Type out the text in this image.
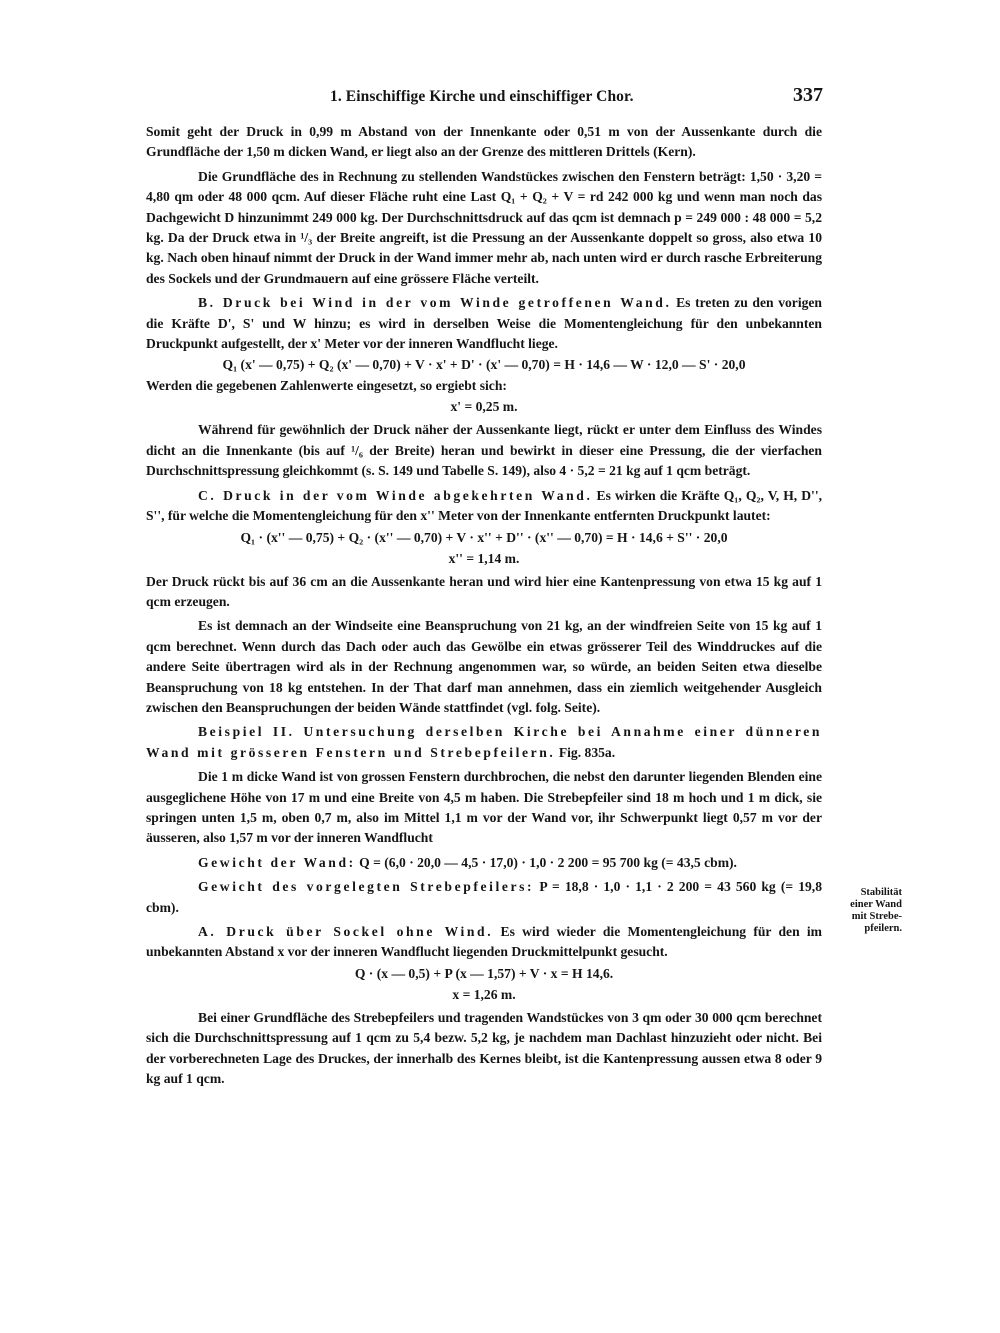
1. Einschiffige Kirche und einschiffiger Chor.	337

Somit geht der Druck in 0,99 m Abstand von der Innenkante oder 0,51 m von der Aussenkante durch die Grundfläche der 1,50 m dicken Wand, er liegt also an der Grenze des mittleren Drittels (Kern).

Die Grundfläche des in Rechnung zu stellenden Wandstückes zwischen den Fenstern beträgt: 1,50 · 3,20 = 4,80 qm oder 48 000 qcm. Auf dieser Fläche ruht eine Last Q₁ + Q₂ + V = rd 242 000 kg und wenn man noch das Dachgewicht D hinzunimmt 249 000 kg. Der Durchschnittsdruck auf das qcm ist demnach p = 249 000 : 48 000 = 5,2 kg. Da der Druck etwa in ¹/₃ der Breite angreift, ist die Pressung an der Aussenkante doppelt so gross, also etwa 10 kg. Nach oben hinauf nimmt der Druck in der Wand immer mehr ab, nach unten wird er durch rasche Erbreiterung des Sockels und der Grundmauern auf eine grössere Fläche verteilt.

B. Druck bei Wind in der vom Winde getroffenen Wand. Es treten zu den vorigen die Kräfte D', S' und W hinzu; es wird in derselben Weise die Momentengleichung für den unbekannten Druckpunkt aufgestellt, der x' Meter vor der inneren Wandflucht liege.

Q₁ (x' — 0,75) + Q₂ (x' — 0,70) + V · x' + D' · (x' — 0,70) = H · 14,6 — W · 12,0 — S' · 20,0
Werden die gegebenen Zahlenwerte eingesetzt, so ergiebt sich:
x' = 0,25 m.

Während für gewöhnlich der Druck näher der Aussenkante liegt, rückt er unter dem Einfluss des Windes dicht an die Innenkante (bis auf ¹/₆ der Breite) heran und bewirkt in dieser eine Pressung, die der vierfachen Durchschnittspressung gleichkommt (s. S. 149 und Tabelle S. 149), also 4 · 5,2 = 21 kg auf 1 qcm beträgt.

C. Druck in der vom Winde abgekehrten Wand. Es wirken die Kräfte Q₁, Q₂, V, H, D'', S'', für welche die Momentengleichung für den x'' Meter von der Innenkante entfernten Druckpunkt lautet:

Q₁ · (x'' — 0,75) + Q₂ · (x'' — 0,70) + V · x'' + D'' · (x'' — 0,70) = H · 14,6 + S'' · 20,0
x'' = 1,14 m.

Der Druck rückt bis auf 36 cm an die Aussenkante heran und wird hier eine Kantenpressung von etwa 15 kg auf 1 qcm erzeugen.

Es ist demnach an der Windseite eine Beanspruchung von 21 kg, an der windfreien Seite von 15 kg auf 1 qcm berechnet. Wenn durch das Dach oder auch das Gewölbe ein etwas grösserer Teil des Winddruckes auf die andere Seite übertragen wird als in der Rechnung angenommen war, so würde, an beiden Seiten etwa dieselbe Beanspruchung von 18 kg entstehen. In der That darf man annehmen, dass ein ziemlich weitgehender Ausgleich zwischen den Beanspruchungen der beiden Wände stattfindet (vgl. folg. Seite).

Beispiel II. Untersuchung derselben Kirche bei Annahme einer dünneren Wand mit grösseren Fenstern und Strebepfeilern. Fig. 835a.

Die 1 m dicke Wand ist von grossen Fenstern durchbrochen, die nebst den darunter liegenden Blenden eine ausgeglichene Höhe von 17 m und eine Breite von 4,5 m haben. Die Strebepfeiler sind 18 m hoch und 1 m dick, sie springen unten 1,5 m, oben 0,7 m, also im Mittel 1,1 m vor der Wand vor, ihr Schwerpunkt liegt 0,57 m vor der äusseren, also 1,57 m vor der inneren Wandflucht

Gewicht der Wand: Q = (6,0 · 20,0 — 4,5 · 17,0) · 1,0 · 2 200 = 95 700 kg (= 43,5 cbm).

Gewicht des vorgelegten Strebepfeilers: P = 18,8 · 1,0 · 1,1 · 2 200 = 43 560 kg (= 19,8 cbm).

A. Druck über Sockel ohne Wind. Es wird wieder die Momentengleichung für den im unbekannten Abstand x vor der inneren Wandflucht liegenden Druckmittelpunkt gesucht.

Q · (x — 0,5) + P (x — 1,57) + V · x = H 14,6.
x = 1,26 m.

Bei einer Grundfläche des Strebepfeilers und tragenden Wandstückes von 3 qm oder 30 000 qcm berechnet sich die Durchschnittspressung auf 1 qcm zu 5,4 bezw. 5,2 kg, je nachdem man Dachlast hinzuzieht oder nicht. Bei der vorberechneten Lage des Druckes, der innerhalb des Kernes bleibt, ist die Kantenpressung aussen etwa 8 oder 9 kg auf 1 qcm.

Stabilität
einer Wand
mit Strebe-
pfeilern.
